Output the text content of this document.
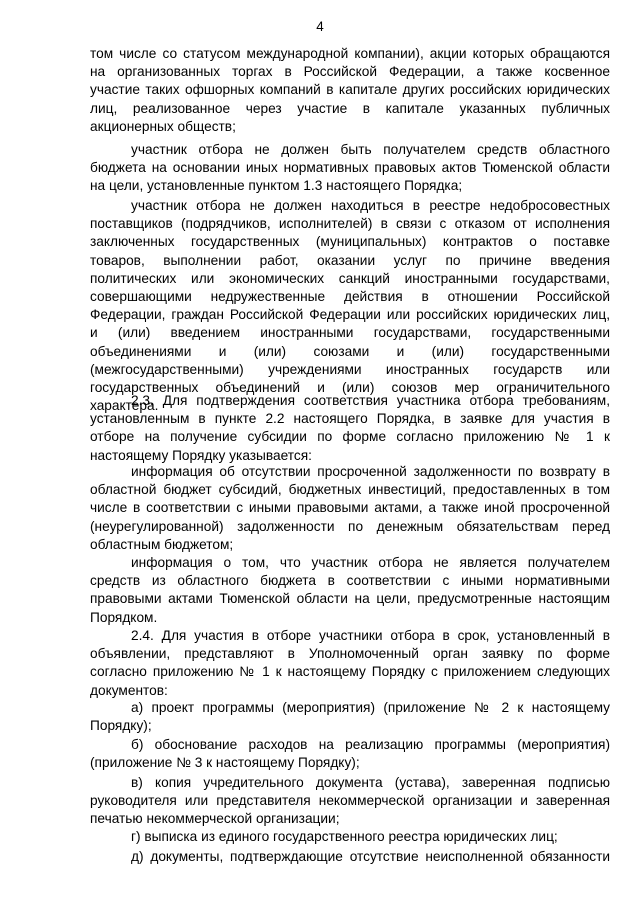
4
том числе со статусом международной компании), акции которых обращаются
на организованных торгах в Российской Федерации, а также косвенное
участие таких офшорных компаний в капитале других российских юридических
лиц, реализованное через участие в капитале указанных публичных
акционерных обществ;
участник отбора не должен быть получателем средств областного
бюджета на основании иных нормативных правовых актов Тюменской области
на цели, установленные пунктом 1.3 настоящего Порядка;
участник отбора не должен находиться в реестре недобросовестных
поставщиков (подрядчиков, исполнителей) в связи с отказом от исполнения
заключенных государственных (муниципальных) контрактов о поставке
товаров, выполнении работ, оказании услуг по причине введения
политических или экономических санкций иностранными государствами,
совершающими недружественные действия в отношении Российской
Федерации, граждан Российской Федерации или российских юридических лиц,
и (или) введением иностранными государствами, государственными
объединениями и (или) союзами и (или) государственными
(межгосударственными) учреждениями иностранных государств или
государственных объединений и (или) союзов мер ограничительного
характера.
2.3. Для подтверждения соответствия участника отбора требованиям,
установленным в пункте 2.2 настоящего Порядка, в заявке для участия в
отборе на получение субсидии по форме согласно приложению № 1 к
настоящему Порядку указывается:
информация об отсутствии просроченной задолженности по возврату в
областной бюджет субсидий, бюджетных инвестиций, предоставленных в том
числе в соответствии с иными правовыми актами, а также иной просроченной
(неурегулированной) задолженности по денежным обязательствам перед
областным бюджетом;
информация о том, что участник отбора не является получателем
средств из областного бюджета в соответствии с иными нормативными
правовыми актами Тюменской области на цели, предусмотренные настоящим
Порядком.
2.4. Для участия в отборе участники отбора в срок, установленный в
объявлении, представляют в Уполномоченный орган заявку по форме
согласно приложению № 1 к настоящему Порядку с приложением следующих
документов:
а) проект программы (мероприятия) (приложение № 2 к настоящему
Порядку);
б) обоснование расходов на реализацию программы (мероприятия)
(приложение № 3 к настоящему Порядку);
в) копия учредительного документа (устава), заверенная подписью
руководителя или представителя некоммерческой организации и заверенная
печатью некоммерческой организации;
г) выписка из единого государственного реестра юридических лиц;
д) документы, подтверждающие отсутствие неисполненной обязанности
